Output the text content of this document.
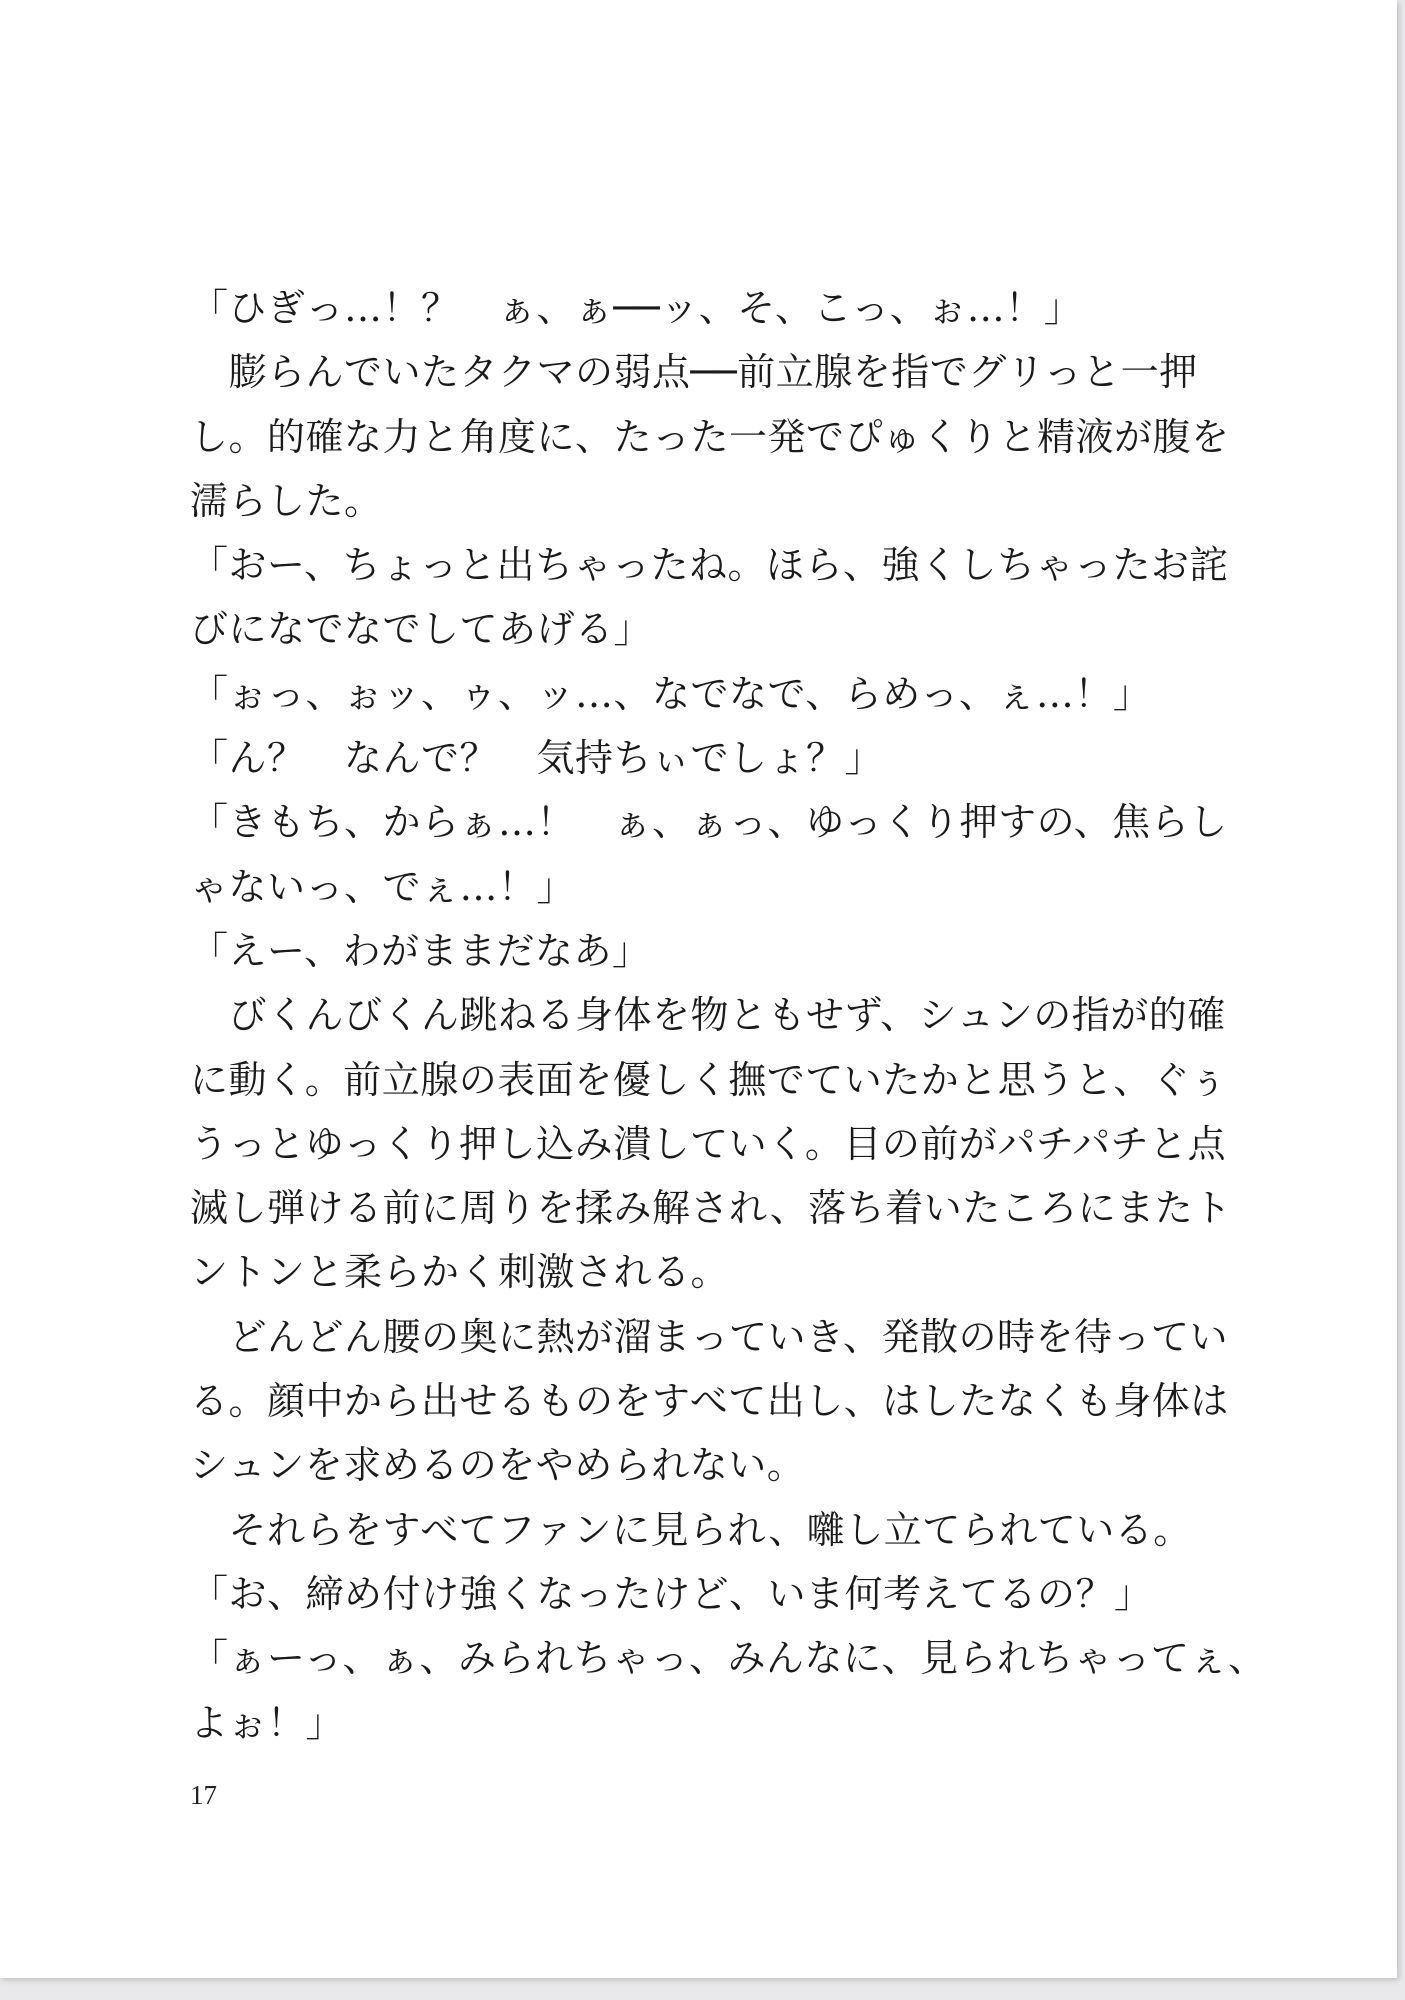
「ひぎっ…！？　ぁ、ぁ──ッ、そ、こっ、ぉ…！」
　膨らんでいたタクマの弱点──前立腺を指でグリっと一押
し。的確な力と角度に、たった一発でぴゅくりと精液が腹を
濡らした。
「おー、ちょっと出ちゃったね。ほら、強くしちゃったお詫
びになでなでしてあげる」
「ぉっ、ぉッ、ゥ、ッ…、なでなで、らめっ、ぇ…！」
「ん？　なんで？　気持ちぃでしょ？」
「きもち、からぁ…！　ぁ、ぁっ、ゆっくり押すの、焦らし
ゃないっ、でぇ…！」
「えー、わがままだなあ」
　びくんびくん跳ねる身体を物ともせず、シュンの指が的確
に動く。前立腺の表面を優しく撫でていたかと思うと、ぐぅ
うっとゆっくり押し込み潰していく。目の前がパチパチと点
滅し弾ける前に周りを揉み解され、落ち着いたころにまたト
ントンと柔らかく刺激される。
　どんどん腰の奥に熱が溜まっていき、発散の時を待ってい
る。顔中から出せるものをすべて出し、はしたなくも身体は
シュンを求めるのをやめられない。
　それらをすべてファンに見られ、囃し立てられている。
「お、締め付け強くなったけど、いま何考えてるの？」
「ぁーっ、ぁ、みられちゃっ、みんなに、見られちゃってぇ、
よぉ！」
17
